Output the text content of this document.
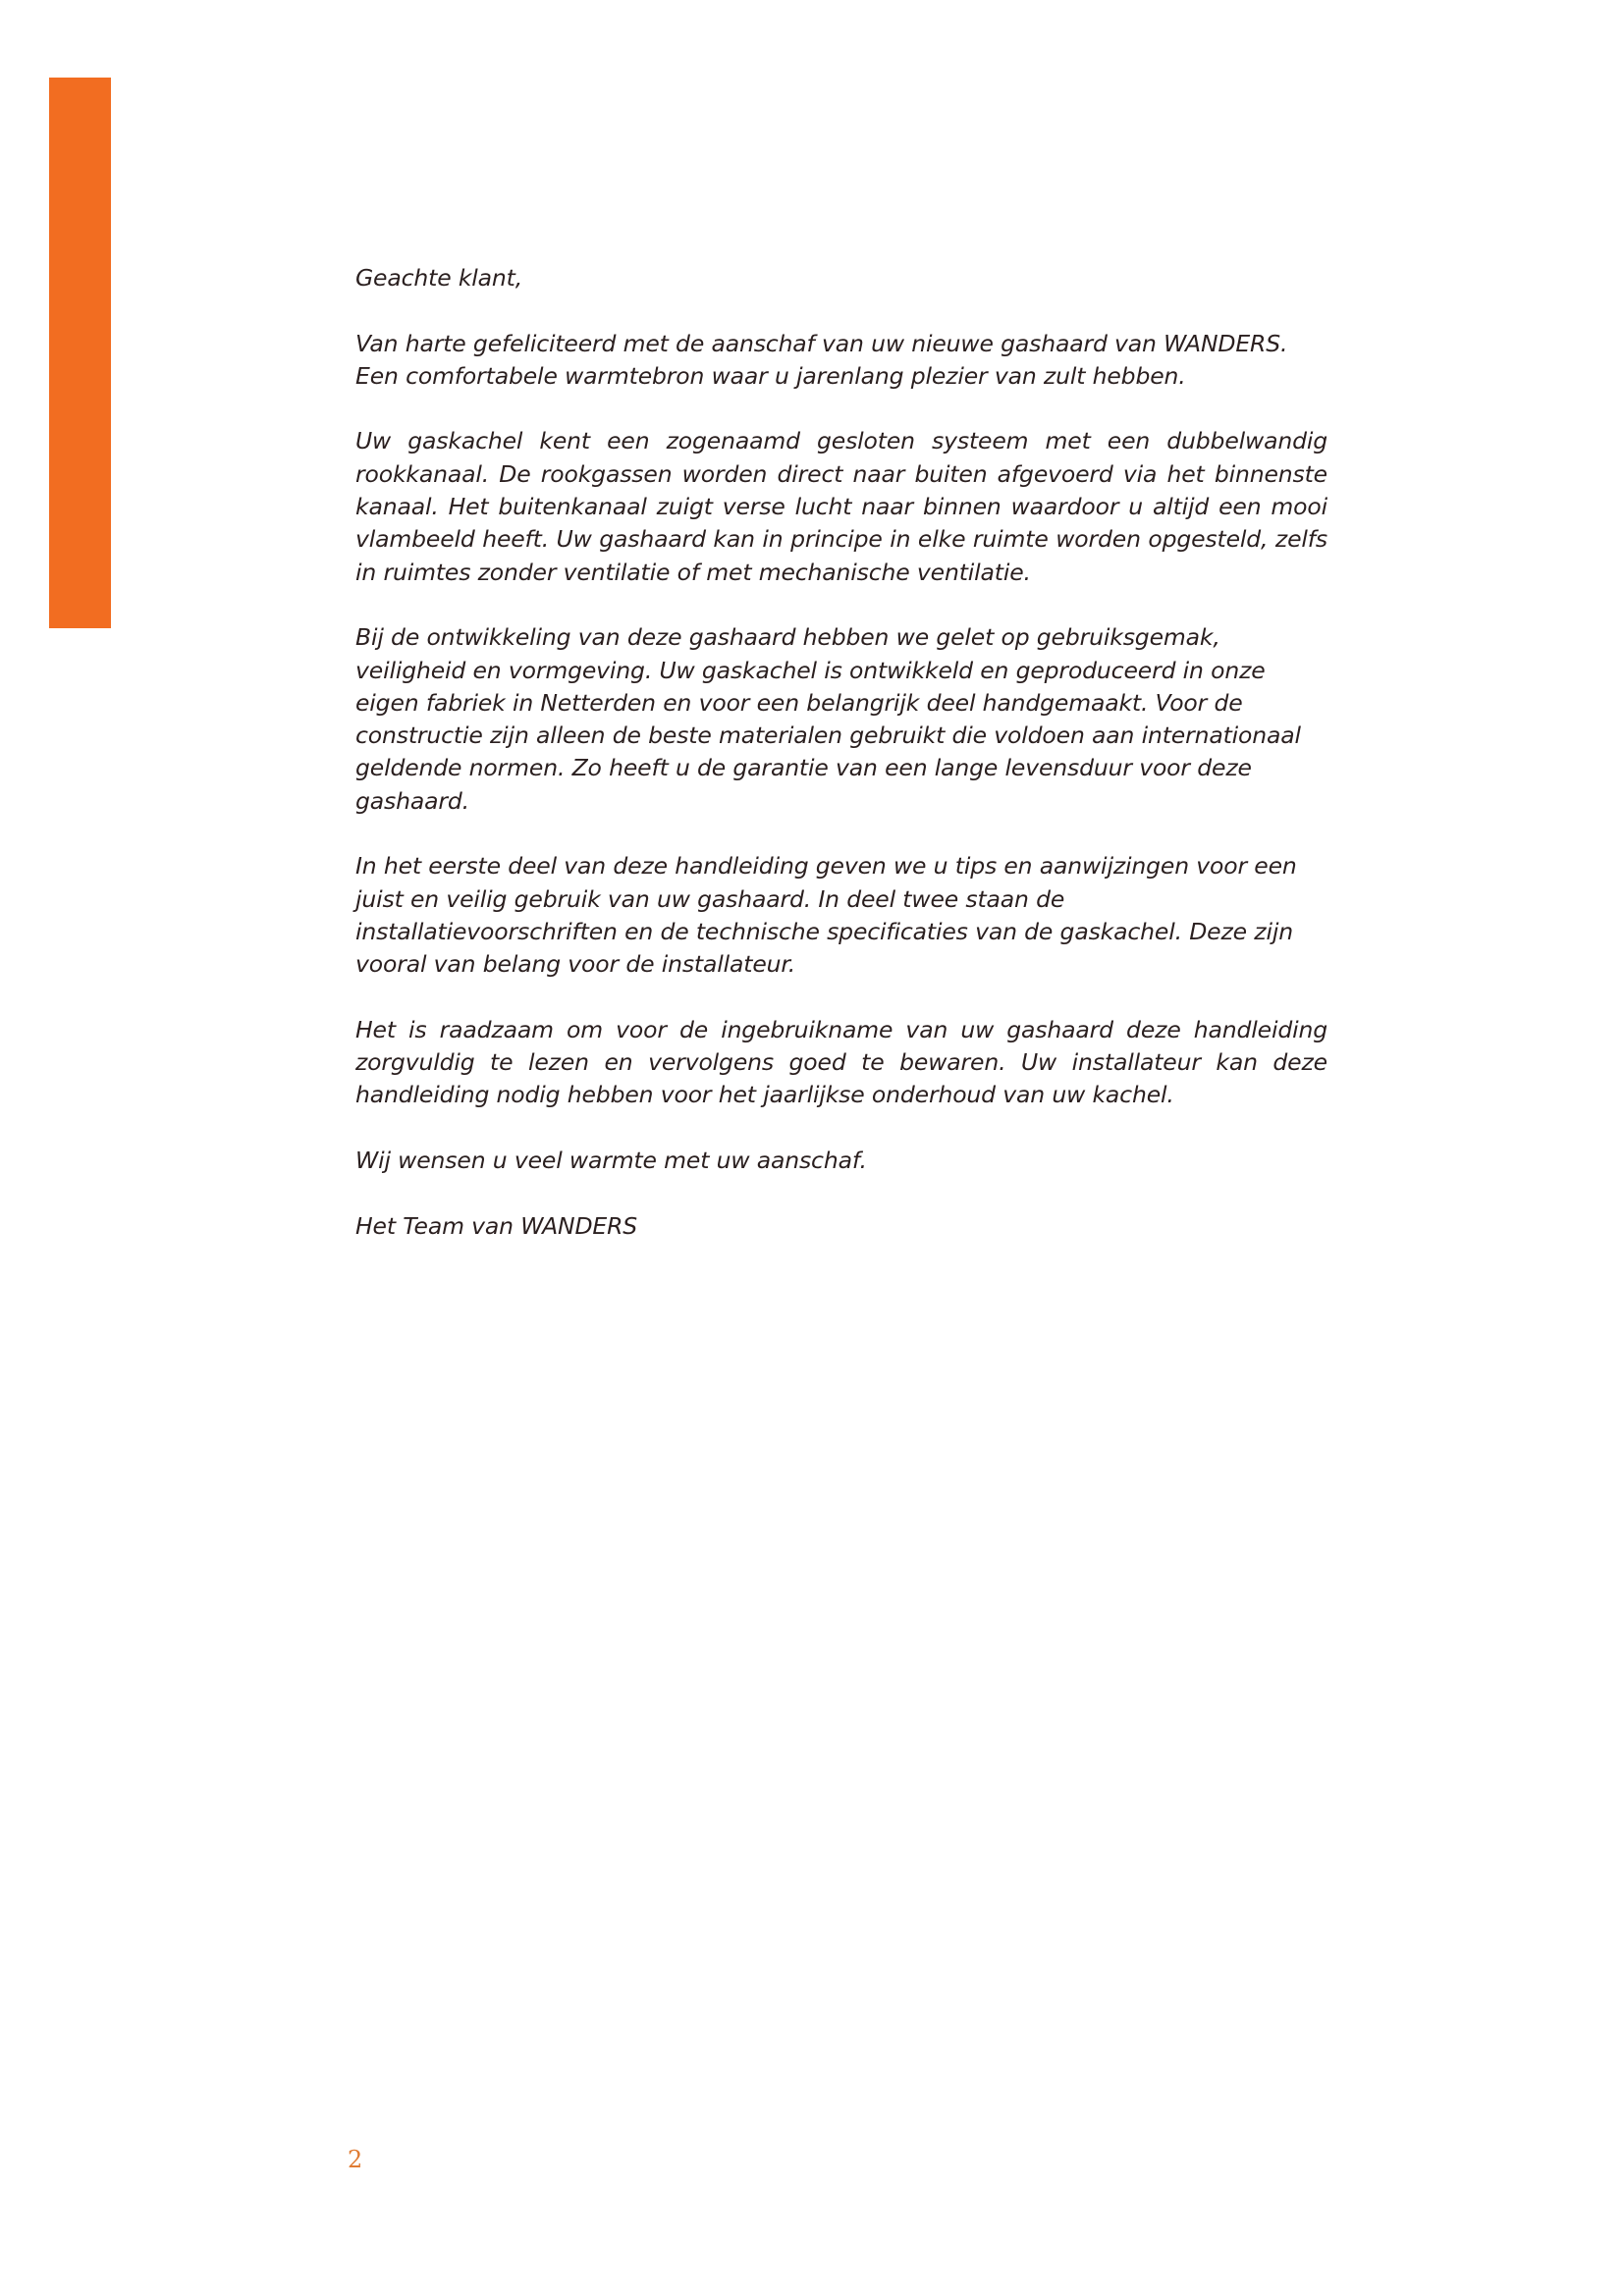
Geachte klant,

Van harte gefeliciteerd met de aanschaf van uw nieuwe gashaard van WANDERS. Een comfortabele warmtebron waar u jarenlang plezier van zult hebben.

Uw gaskachel kent een zogenaamd gesloten systeem met een dubbelwandig rookkanaal. De rookgassen worden direct naar buiten afgevoerd via het binnenste kanaal. Het buitenkanaal zuigt verse lucht naar binnen waardoor u altijd een mooi vlambeeld heeft. Uw gashaard kan in principe in elke ruimte worden opgesteld, zelfs in ruimtes zonder ventilatie of met mechanische ventilatie.

Bij de ontwikkeling van deze gashaard hebben we gelet op gebruiksgemak, veiligheid en vormgeving. Uw gaskachel is ontwikkeld en geproduceerd in onze eigen fabriek in Netterden en voor een belangrijk deel handgemaakt. Voor de constructie zijn alleen de beste materialen gebruikt die voldoen aan internationaal geldende normen. Zo heeft u de garantie van een lange levensduur voor deze gashaard.

In het eerste deel van deze handleiding geven we u tips en aanwijzingen voor een juist en veilig gebruik van uw gashaard. In deel twee staan de installatievoorschriften en de technische specificaties van de gaskachel. Deze zijn vooral van belang voor de installateur.

Het is raadzaam om voor de ingebruikname van uw gashaard deze handleiding zorgvuldig te lezen en vervolgens goed te bewaren. Uw installateur kan deze handleiding nodig hebben voor het jaarlijkse onderhoud van uw kachel.

Wij wensen u veel warmte met uw aanschaf.

Het Team van WANDERS

2
